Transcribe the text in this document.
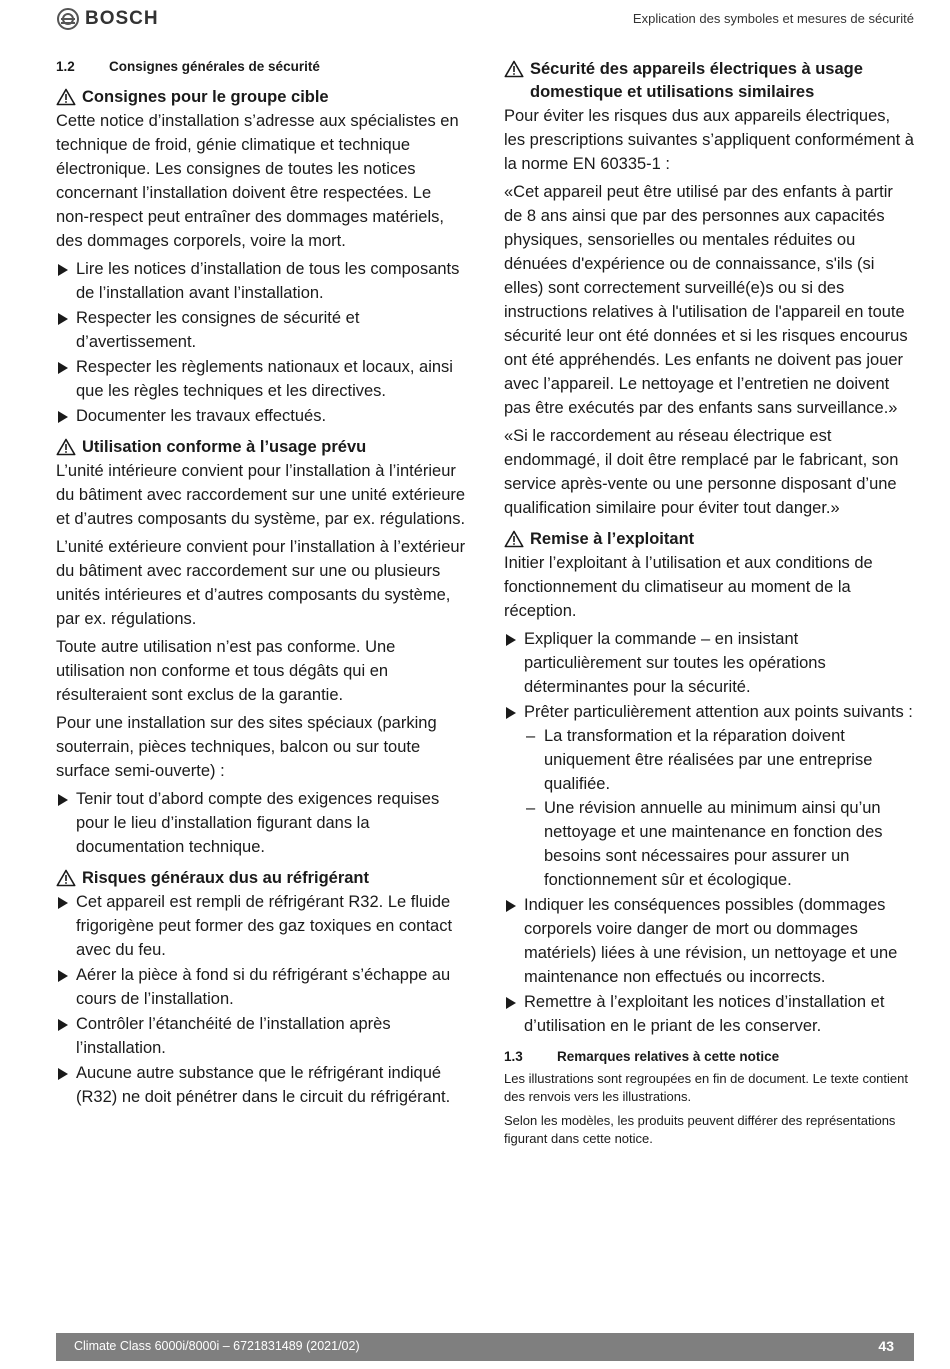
BOSCH	Explication des symboles et mesures de sécurité
1.2	Consignes générales de sécurité
Consignes pour le groupe cible

Cette notice d’installation s’adresse aux spécialistes en technique de froid, génie climatique et technique électronique. Les consignes de toutes les notices concernant l’installation doivent être respectées. Le non-respect peut entraîner des dommages matériels, des dommages corporels, voire la mort.

Lire les notices d’installation de tous les composants de l’installation avant l’installation.
Respecter les consignes de sécurité et d’avertissement.
Respecter les règlements nationaux et locaux, ainsi que les règles techniques et les directives.
Documenter les travaux effectués.
Utilisation conforme à l’usage prévu

L’unité intérieure convient pour l’installation à l’intérieur du bâtiment avec raccordement sur une unité extérieure et d’autres composants du système, par ex. régulations.

L’unité extérieure convient pour l’installation à l’extérieur du bâtiment avec raccordement sur une ou plusieurs unités intérieures et d’autres composants du système, par ex. régulations.

Toute autre utilisation n’est pas conforme. Une utilisation non conforme et tous dégâts qui en résulteraient sont exclus de la garantie.

Pour une installation sur des sites spéciaux (parking souterrain, pièces techniques, balcon ou sur toute surface semi-ouverte) :

Tenir tout d’abord compte des exigences requises pour le lieu d’installation figurant dans la documentation technique.
Risques généraux dus au réfrigérant
Cet appareil est rempli de réfrigérant R32. Le fluide frigorigène peut former des gaz toxiques en contact avec du feu.
Aérer la pièce à fond si du réfrigérant s’échappe au cours de l’installation.
Contrôler l’étanchéité de l’installation après l’installation.
Aucune autre substance que le réfrigérant indiqué (R32) ne doit pénétrer dans le circuit du réfrigérant.
Sécurité des appareils électriques à usage domestique et utilisations similaires

Pour éviter les risques dus aux appareils électriques, les prescriptions suivantes s’appliquent conformément à la norme EN 60335-1 :

«Cet appareil peut être utilisé par des enfants à partir de 8 ans ainsi que par des personnes aux capacités physiques, sensorielles ou mentales réduites ou dénuées d'expérience ou de connaissance, s'ils (si elles) sont correctement surveillé(e)s ou si des instructions relatives à l'utilisation de l'appareil en toute sécurité leur ont été données et si les risques encourus ont été appréhendés. Les enfants ne doivent pas jouer avec l’appareil. Le nettoyage et l’entretien ne doivent pas être exécutés par des enfants sans surveillance.»

«Si le raccordement au réseau électrique est endommagé, il doit être remplacé par le fabricant, son service après-vente ou une personne disposant d’une qualification similaire pour éviter tout danger.»

Remise à l’exploitant

Initier l’exploitant à l’utilisation et aux conditions de fonctionnement du climatiseur au moment de la réception.

Expliquer la commande – en insistant particulièrement sur toutes les opérations déterminantes pour la sécurité.
Prêter particulièrement attention aux points suivants :
– La transformation et la réparation doivent uniquement être réalisées par une entreprise qualifiée.
– Une révision annuelle au minimum ainsi qu’un nettoyage et une maintenance en fonction des besoins sont nécessaires pour assurer un fonctionnement sûr et écologique.
Indiquer les conséquences possibles (dommages corporels voire danger de mort ou dommages matériels) liées à une révision, un nettoyage et une maintenance non effectués ou incorrects.
Remettre à l’exploitant les notices d’installation et d’utilisation en le priant de les conserver.
1.3	Remarques relatives à cette notice

Les illustrations sont regroupées en fin de document. Le texte contient des renvois vers les illustrations.

Selon les modèles, les produits peuvent différer des représentations figurant dans cette notice.

Climate Class 6000i/8000i – 6721831489 (2021/02)	43
